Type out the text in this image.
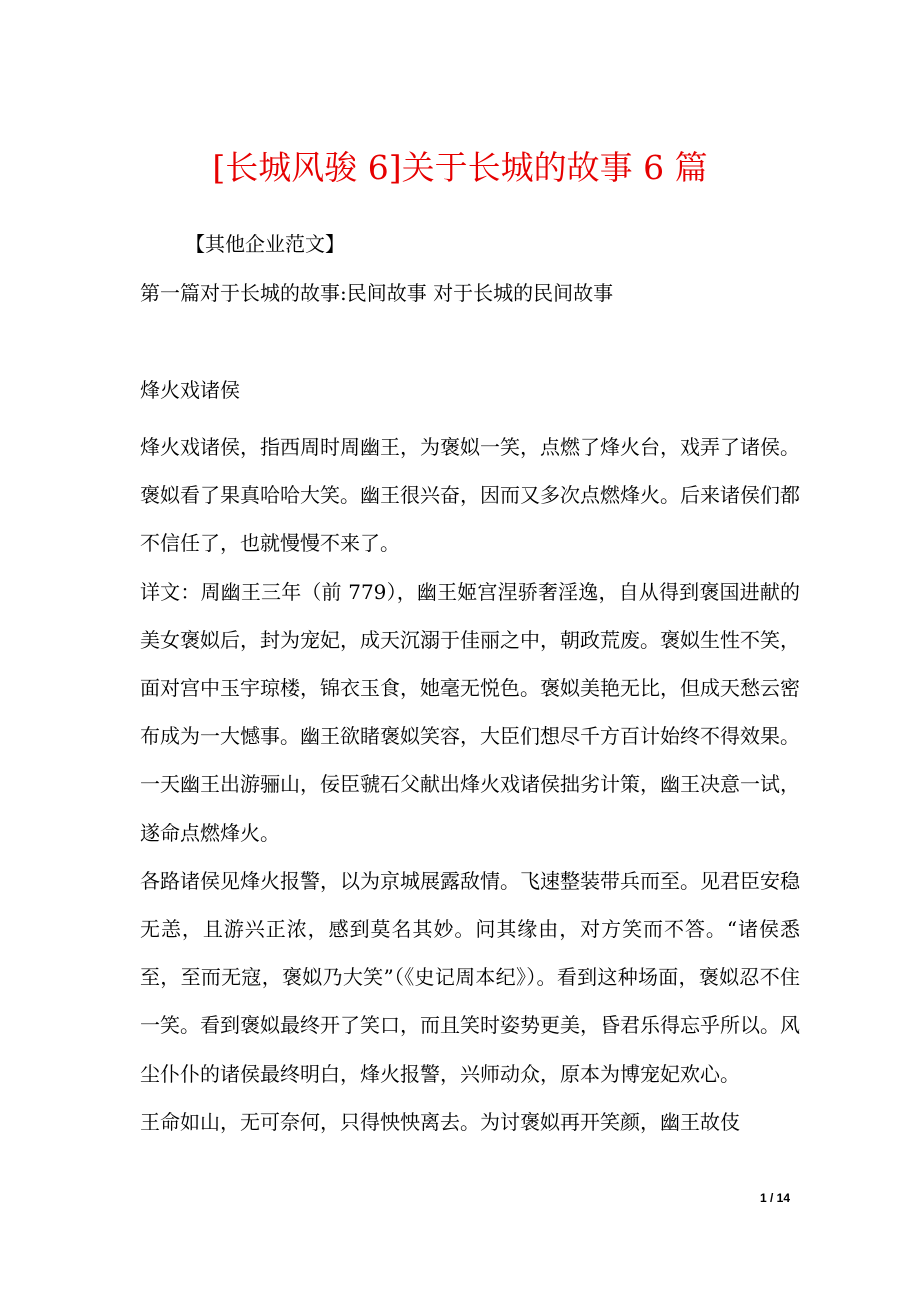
[长城风骏 6]关于长城的故事 6 篇
【其他企业范文】
第一篇对于长城的故事:民间故事 对于长城的民间故事
烽火戏诸侯

烽火戏诸侯，指西周时周幽王，为褒姒一笑，点燃了烽火台，戏弄了诸侯。褒姒看了果真哈哈大笑。幽王很兴奋，因而又多次点燃烽火。后来诸侯们都不信任了，也就慢慢不来了。

详文：周幽王三年（前 779），幽王姬宫涅骄奢淫逸，自从得到褒国进献的美女褒姒后，封为宠妃，成天沉溺于佳丽之中，朝政荒废。褒姒生性不笑，面对宫中玉宇琼楼，锦衣玉食，她毫无悦色。褒姒美艳无比，但成天愁云密布成为一大憾事。幽王欲睹褒姒笑容，大臣们想尽千方百计始终不得效果。一天幽王出游骊山，佞臣虢石父献出烽火戏诸侯拙劣计策，幽王决意一试，遂命点燃烽火。

各路诸侯见烽火报警，以为京城展露敌情。飞速整装带兵而至。见君臣安稳无恙，且游兴正浓，感到莫名其妙。问其缘由，对方笑而不答。“诸侯悉至，至而无寇，褒姒乃大笑”（《史记周本纪》）。看到这种场面，褒姒忍不住一笑。看到褒姒最终开了笑口，而且笑时姿势更美，昏君乐得忘乎所以。风尘仆仆的诸侯最终明白，烽火报警，兴师动众，原本为博宠妃欢心。

王命如山，无可奈何，只得怏怏离去。为讨褒姒再开笑颜，幽王故伎

1 / 14
